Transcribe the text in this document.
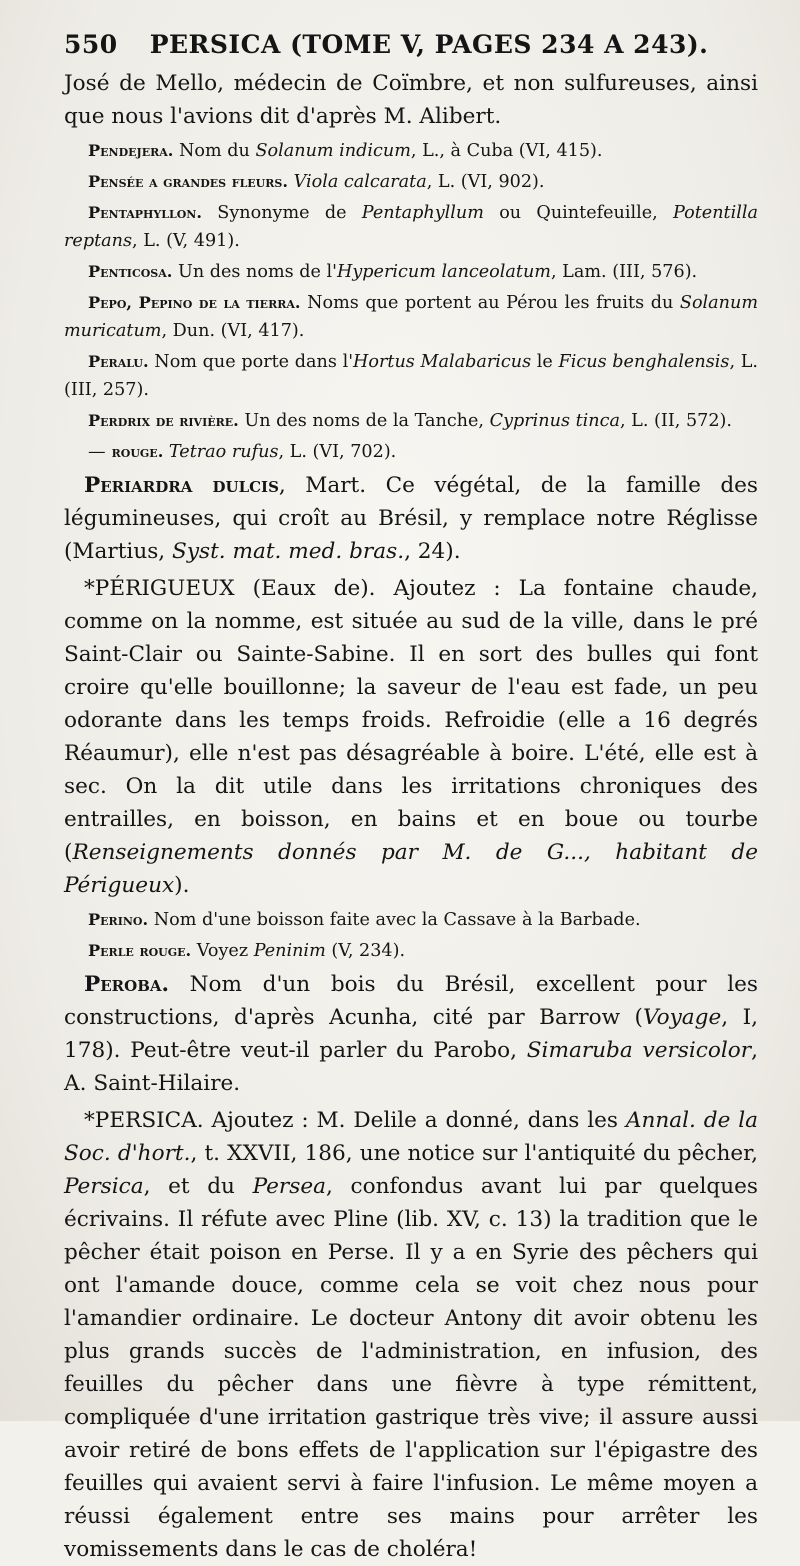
550 PERSICA (TOME V, PAGES 234 A 243).

José de Mello, médecin de Coïmbre, et non sulfureuses, ainsi que nous l'avions dit d'après M. Alibert.

Pendejera. Nom du Solanum indicum, L., à Cuba (VI, 415).

Pensée a grandes fleurs. Viola calcarata, L. (VI, 902).

Pentaphyllon. Synonyme de Pentaphyllum ou Quintefeuille, Potentilla reptans, L. (V, 491).

Penticosa. Un des noms de l'Hypericum lanceolatum, Lam. (III, 576).

Pepo, Pepino de la tierra. Noms que portent au Pérou les fruits du Solanum muricatum, Dun. (VI, 417).

Peralu. Nom que porte dans l'Hortus Malabaricus le Ficus benghalensis, L. (III, 257).

Perdrix de rivière. Un des noms de la Tanche, Cyprinus tinca, L. (II, 572).

— rouge. Tetrao rufus, L. (VI, 702).

Periardra dulcis, Mart. Ce végétal, de la famille des légumineuses, qui croît au Brésil, y remplace notre Réglisse (Martius, Syst. mat. med. bras., 24).

*PÉRIGUEUX (Eaux de). Ajoutez : La fontaine chaude, comme on la nomme, est située au sud de la ville, dans le pré Saint-Clair ou Sainte-Sabine. Il en sort des bulles qui font croire qu'elle bouillonne; la saveur de l'eau est fade, un peu odorante dans les temps froids. Refroidie (elle a 16 degrés Réaumur), elle n'est pas désagréable à boire. L'été, elle est à sec. On la dit utile dans les irritations chroniques des entrailles, en boisson, en bains et en boue ou tourbe (Renseignements donnés par M. de G..., habitant de Périgueux).

Perino. Nom d'une boisson faite avec la Cassave à la Barbade.

Perle rouge. Voyez Peninim (V, 234).

Peroba. Nom d'un bois du Brésil, excellent pour les constructions, d'après Acunha, cité par Barrow (Voyage, I, 178). Peut-être veut-il parler du Parobo, Simaruba versicolor, A. Saint-Hilaire.

*PERSICA. Ajoutez : M. Delile a donné, dans les Annal. de la Soc. d'hort., t. XXVII, 186, une notice sur l'antiquité du pêcher, Persica, et du Persea, confondus avant lui par quelques écrivains. Il réfute avec Pline (lib. XV, c. 13) la tradition que le pêcher était poison en Perse. Il y a en Syrie des pêchers qui ont l'amande douce, comme cela se voit chez nous pour l'amandier ordinaire. Le docteur Antony dit avoir obtenu les plus grands succès de l'administration, en infusion, des feuilles du pêcher dans une fièvre à type rémittent, compliquée d'une irritation gastrique très vive; il assure aussi avoir retiré de bons effets de l'application sur l'épigastre des feuilles qui avaient servi à faire l'infusion. Le même moyen a réussi également entre ses mains pour arrêter les vomissements dans le cas de choléra!
